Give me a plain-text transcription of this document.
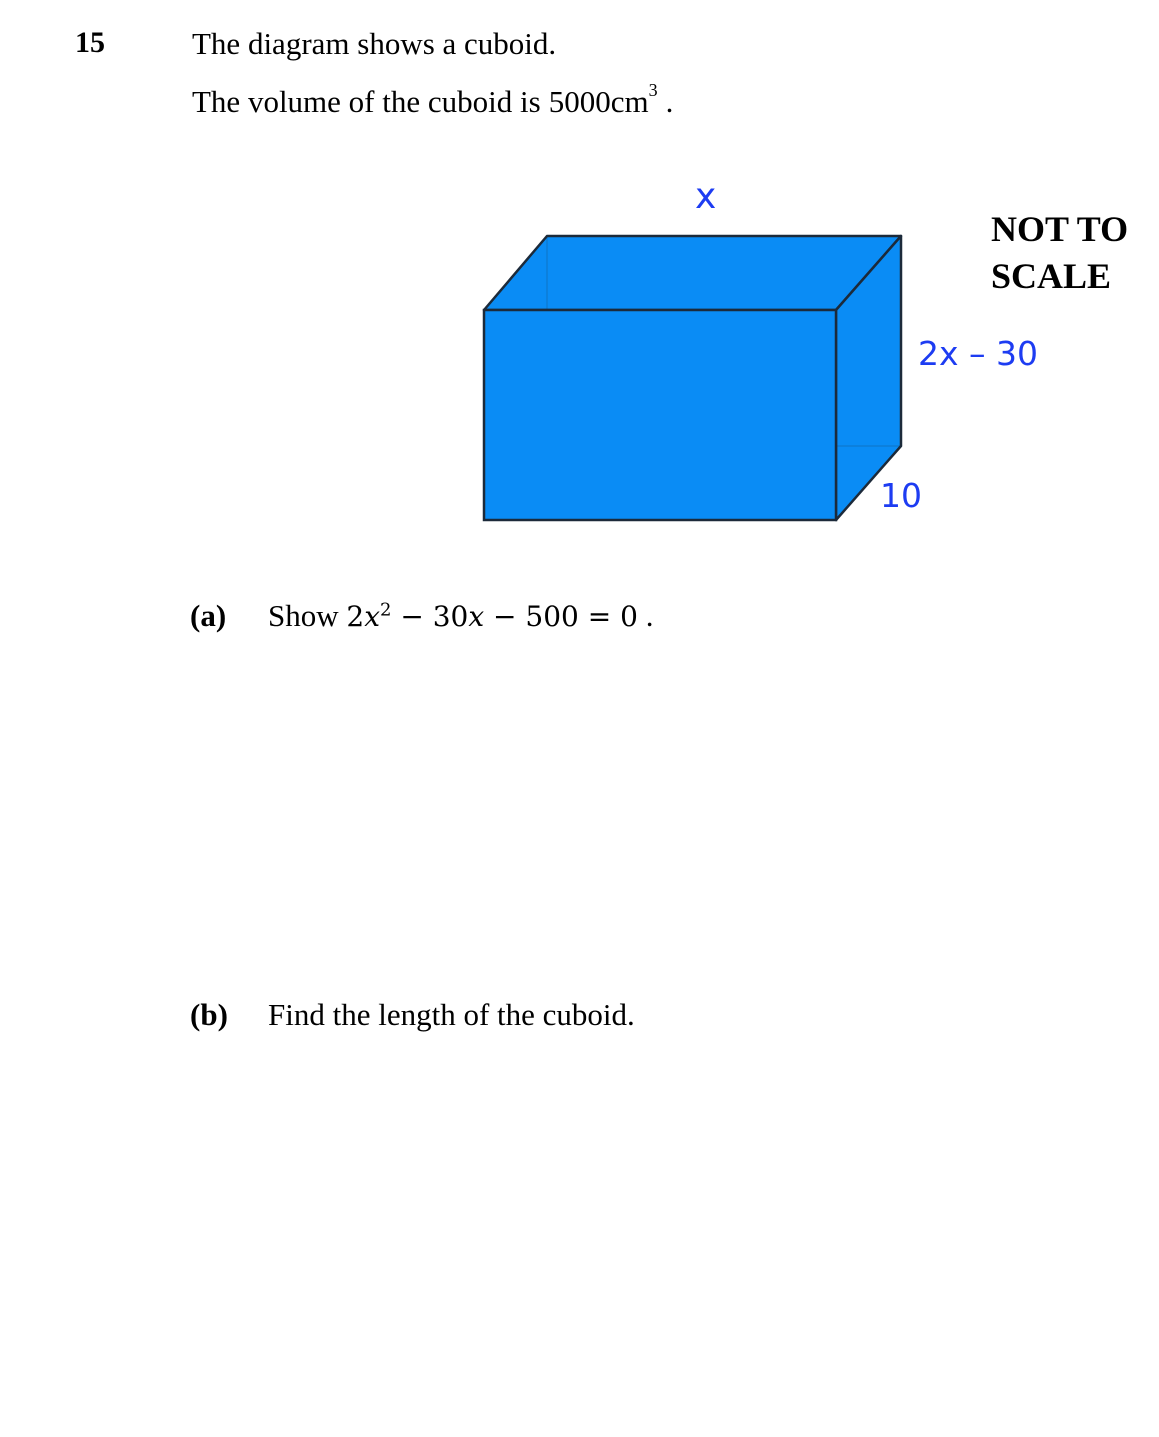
15	The diagram shows a cuboid.
The volume of the cuboid is $5000cm^3$ .
NOT TO
SCALE
x
2x – 30
10
(a) Show $2x^2 - 30x - 500 = 0$ .
(b) Find the length of the cuboid.
